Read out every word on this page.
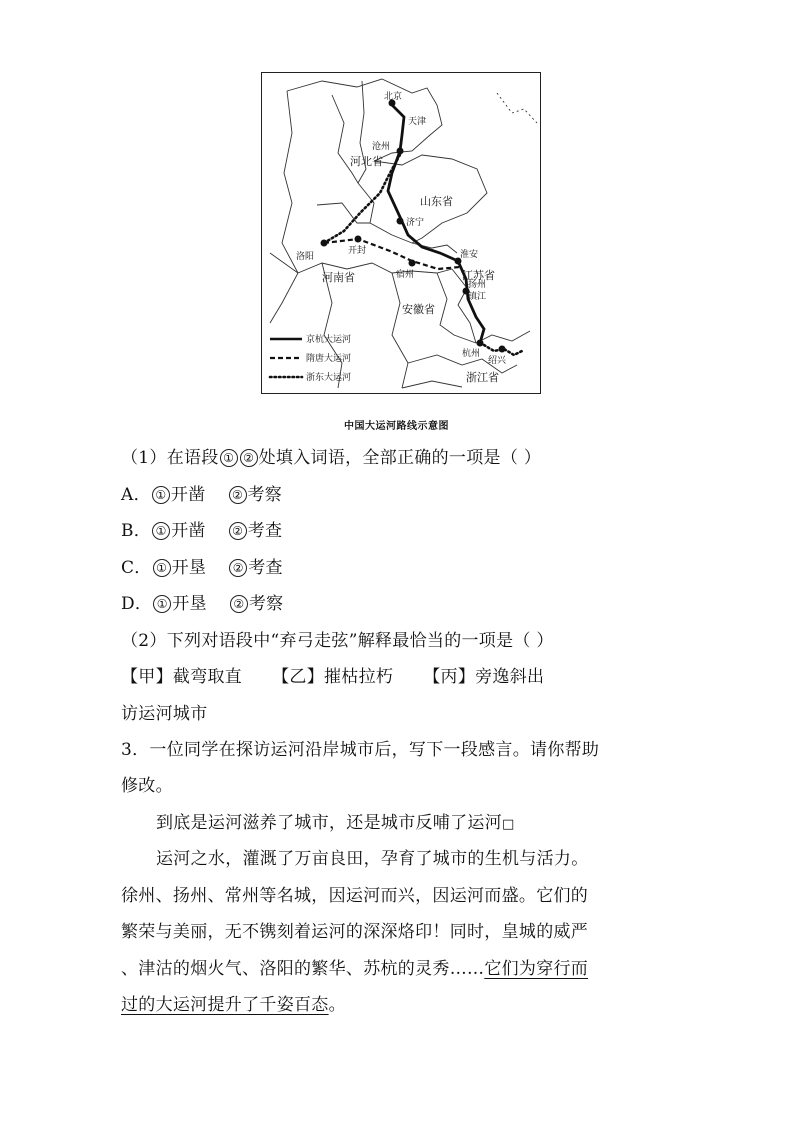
北京
天津
沧州
济宁
淮安
扬州
镇江
杭州
绍兴
洛阳
开封
宿州
河北省
山东省
河南省	江苏省
安徽省
浙江省
京杭大运河
隋唐大运河
浙东大运河
中国大运河路线示意图
（1）在语段 ① ② 处填入词语，全部正确的一项是（ ）
A． ① 开凿 ② 考察
B． ① 开凿 ② 考查
C． ① 开垦 ② 考查
D． ① 开垦 ② 考察
（2）下列对语段中“弃弓走弦”解释最恰当的一项是（ ）
【甲】截弯取直 【乙】摧枯拉朽 【丙】旁逸斜出
访运河城市
3．一位同学在探访运河沿岸城市后，写下一段感言。请你帮助
修改。
到底是运河滋养了城市，还是城市反哺了运河□
运河之水，灌溉了万亩良田，孕育了城市的生机与活力。
徐州、扬州、常州等名城，因运河而兴，因运河而盛。它们的
繁荣与美丽，无不镌刻着运河的深深烙印！同时，皇城的威严
、津沽的烟火气、洛阳的繁华、苏杭的灵秀……它们为穿行而
过的大运河提升了千姿百态。
